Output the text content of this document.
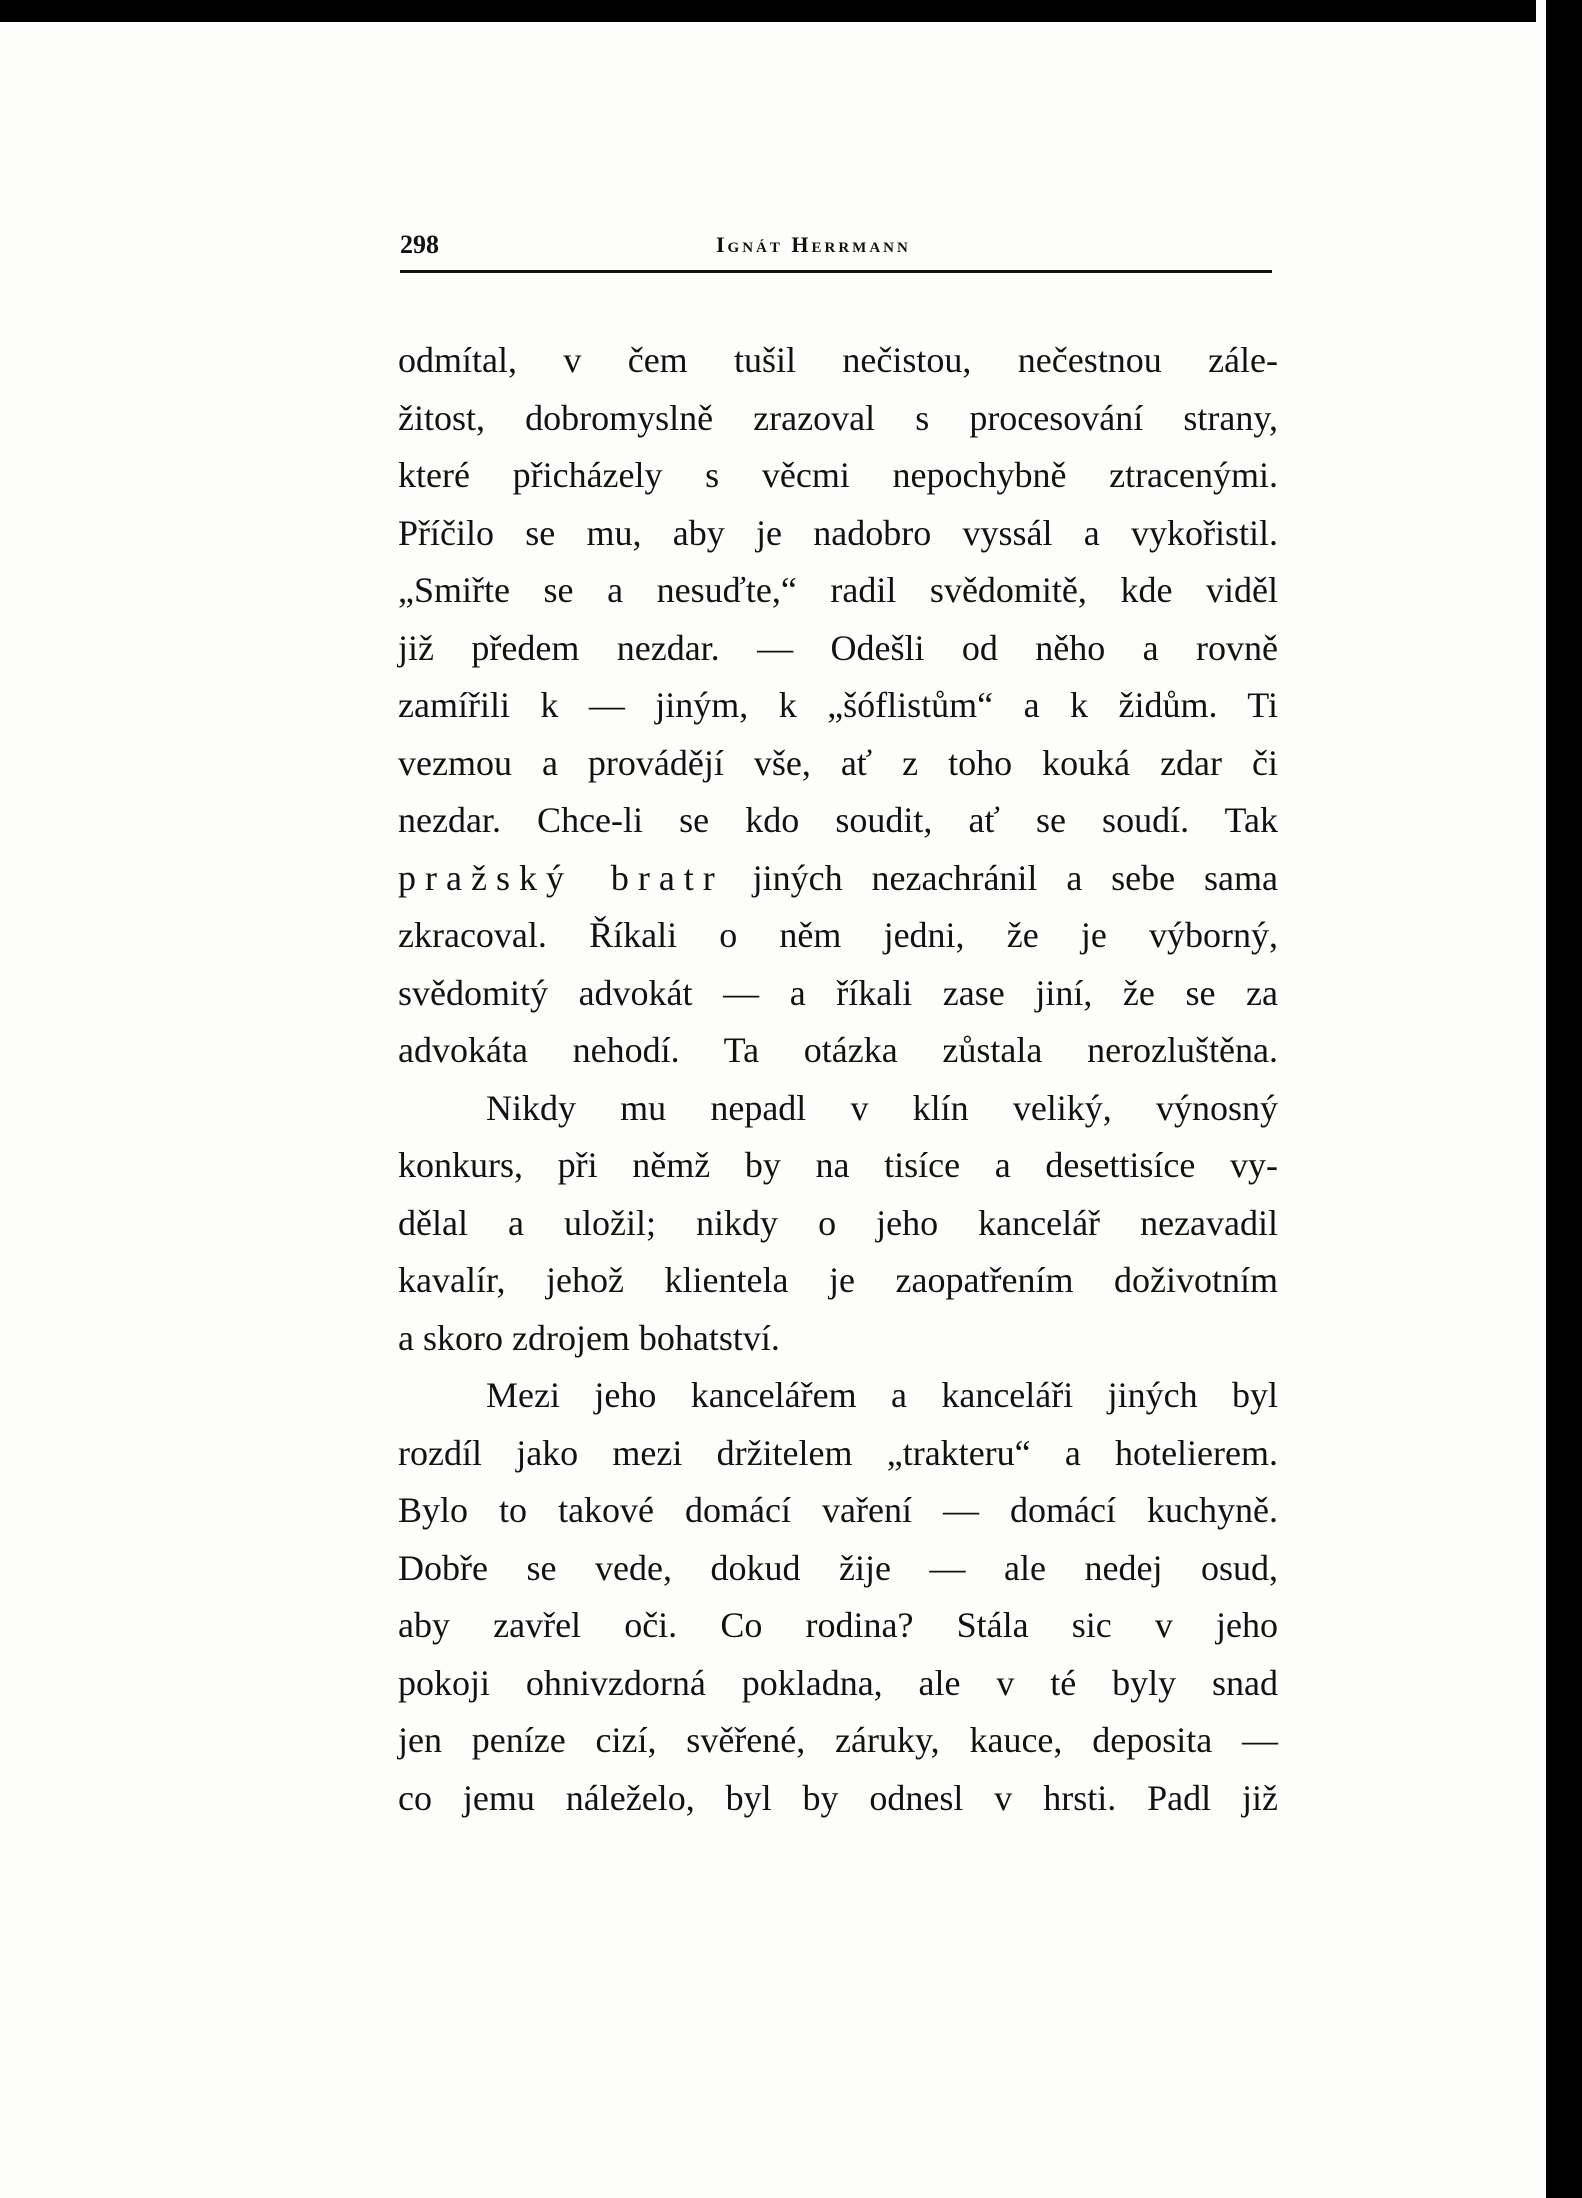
298	Ignát Herrmann
odmítal, v čem tušil nečistou, nečestnou zále-
žitost, dobromyslně zrazoval s procesování strany,
které přicházely s věcmi nepochybně ztracenými.
Příčilo se mu, aby je nadobro vyssál a vykořistil.
„Smiřte se a nesuďte,“ radil svědomitě, kde viděl
již předem nezdar. — Odešli od něho a rovně
zamířili k — jiným, k „šóflistům“ a k židům. Ti
vezmou a provádějí vše, ať z toho kouká zdar či
nezdar. Chce-li se kdo soudit, ať se soudí. Tak
pražský bratr jiných nezachránil a sebe sama
zkracoval. Říkali o něm jedni, že je výborný,
svědomitý advokát — a říkali zase jiní, že se za
advokáta nehodí. Ta otázka zůstala nerozluštěna.
Nikdy mu nepadl v klín veliký, výnosný
konkurs, při němž by na tisíce a desettisíce vy-
dělal a uložil; nikdy o jeho kancelář nezavadil
kavalír, jehož klientela je zaopatřením doživotním
a skoro zdrojem bohatství.
Mezi jeho kancelářem a kanceláři jiných byl
rozdíl jako mezi držitelem „trakteru“ a hotelierem.
Bylo to takové domácí vaření — domácí kuchyně.
Dobře se vede, dokud žije — ale nedej osud,
aby zavřel oči. Co rodina? Stála sic v jeho
pokoji ohnivzdorná pokladna, ale v té byly snad
jen peníze cizí, svěřené, záruky, kauce, deposita —
co jemu náleželo, byl by odnesl v hrsti. Padl již
